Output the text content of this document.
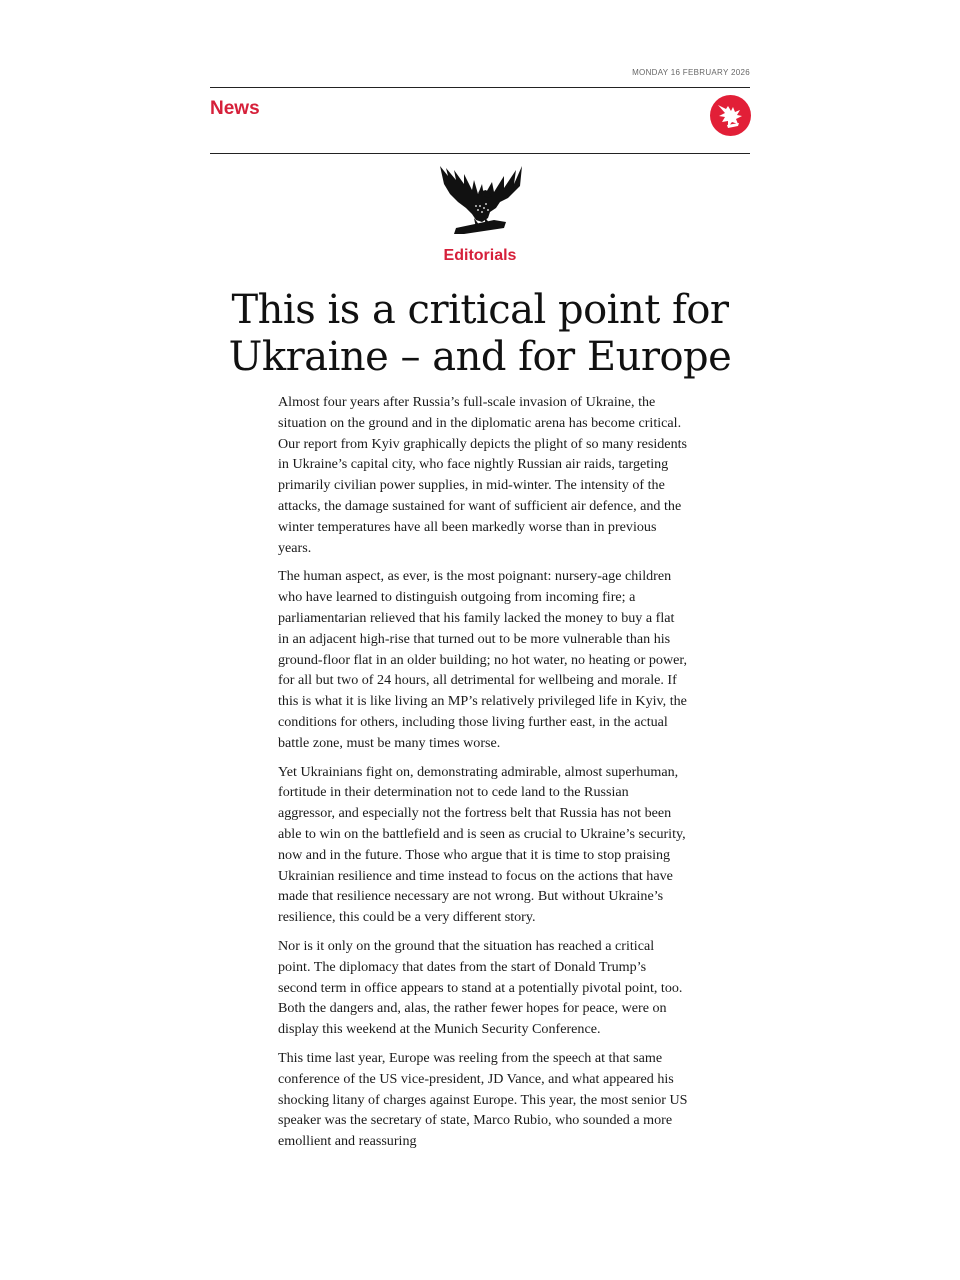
MONDAY 16 FEBRUARY 2026
News
Editorials
This is a critical point for
Ukraine – and for Europe

Almost four years after Russia’s full-scale invasion of Ukraine, the situation on the ground and in the diplomatic arena has become critical. Our report from Kyiv graphically depicts the plight of so many residents in Ukraine’s capital city, who face nightly Russian air raids, targeting primarily civilian power supplies, in mid-winter. The intensity of the attacks, the damage sustained for want of sufficient air defence, and the winter temperatures have all been markedly worse than in previous years.

The human aspect, as ever, is the most poignant: nursery-age children who have learned to distinguish outgoing from incoming fire; a parliamentarian relieved that his family lacked the money to buy a flat in an adjacent high-rise that turned out to be more vulnerable than his ground-floor flat in an older building; no hot water, no heating or power, for all but two of 24 hours, all detrimental for wellbeing and morale. If this is what it is like living an MP’s relatively privileged life in Kyiv, the conditions for others, including those living further east, in the actual battle zone, must be many times worse.

Yet Ukrainians fight on, demonstrating admirable, almost superhuman, fortitude in their determination not to cede land to the Russian aggressor, and especially not the fortress belt that Russia has not been able to win on the battlefield and is seen as crucial to Ukraine’s security, now and in the future. Those who argue that it is time to stop praising Ukrainian resilience and time instead to focus on the actions that have made that resilience necessary are not wrong. But without Ukraine’s resilience, this could be a very different story.

Nor is it only on the ground that the situation has reached a critical point. The diplomacy that dates from the start of Donald Trump’s second term in office appears to stand at a potentially pivotal point, too. Both the dangers and, alas, the rather fewer hopes for peace, were on display this weekend at the Munich Security Conference.

This time last year, Europe was reeling from the speech at that same conference of the US vice-president, JD Vance, and what appeared his shocking litany of charges against Europe. This year, the most senior US speaker was the secretary of state, Marco Rubio, who sounded a more emollient and reassuring
